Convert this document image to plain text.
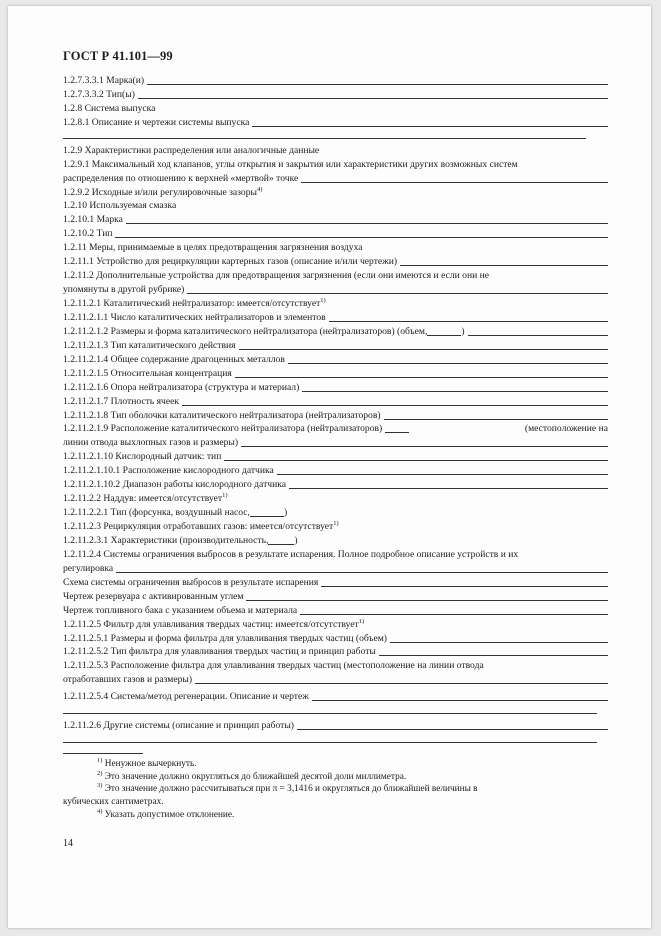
ГОСТ Р 41.101—99
1.2.7.3.3.1 Марка(и)
1.2.7.3.3.2 Тип(ы)
1.2.8 Система выпуска
1.2.8.1 Описание и чертежи системы выпуска
1.2.9 Характеристики распределения или аналогичные данные
1.2.9.1 Максимальный ход клапанов, углы открытия и закрытия или характеристики других возможных систем
распределения по отношению к верхней «мертвой» точке
1.2.9.2 Исходные и/или регулировочные зазоры$^{4)}$
1.2.10 Используемая смазка
1.2.10.1 Марка
1.2.10.2 Тип
1.2.11 Меры, принимаемые в целях предотвращения загрязнения воздуха
1.2.11.1 Устройство для рециркуляции картерных газов (описание и/или чертежи)
1.2.11.2 Дополнительные устройства для предотвращения загрязнения (если они имеются и если они не
упомянуты в другой рубрике)
1.2.11.2.1 Каталитический нейтрализатор: имеется/отсутствует$^{1)}$
1.2.11.2.1.1 Число каталитических нейтрализаторов и элементов
1.2.11.2.1.2 Размеры и форма каталитического нейтрализатора (нейтрализаторов) (объем,	)
1.2.11.2.1.3 Тип каталитического действия
1.2.11.2.1.4 Общее содержание драгоценных металлов
1.2.11.2.1.5 Относительная концентрация
1.2.11.2.1.6 Опора нейтрализатора (структура и материал)
1.2.11.2.1.7 Плотность ячеек
1.2.11.2.1.8 Тип оболочки каталитического нейтрализатора (нейтрализаторов)
1.2.11.2.1.9 Расположение каталитического нейтрализатора (нейтрализаторов)	(местоположение на
линии отвода выхлопных газов и размеры)
1.2.11.2.1.10 Кислородный датчик: тип
1.2.11.2.1.10.1 Расположение кислородного датчика
1.2.11.2.1.10.2 Диапазон работы кислородного датчика
1.2.11.2.2 Наддув: имеется/отсутствует$^{1)}$
1.2.11.2.2.1 Тип (форсунка, воздушный насос,	)
1.2.11.2.3 Рециркуляция отработавших газов: имеется/отсутствует$^{1)}$
1.2.11.2.3.1 Характеристики (производительность,	)
1.2.11.2.4 Системы ограничения выбросов в результате испарения. Полное подробное описание устройств и их
регулировка
Схема системы ограничения выбросов в результате испарения
Чертеж резервуара с активированным углем
Чертеж топливного бака с указанием объема и материала
1.2.11.2.5 Фильтр для улавливания твердых частиц: имеется/отсутствует$^{1)}$
1.2.11.2.5.1 Размеры и форма фильтра для улавливания твердых частиц (объем)
1.2.11.2.5.2 Тип фильтра для улавливания твердых частиц и принцип работы
1.2.11.2.5.3 Расположение фильтра для улавливания твердых частиц (местоположение на линии отвода
отработавших газов и размеры)
1.2.11.2.5.4 Система/метод регенерации. Описание и чертеж
1.2.11.2.6 Другие системы (описание и принцип работы)
$^{1)}$ Ненужное вычеркнуть.
$^{2)}$ Это значение должно округляться до ближайшей десятой доли миллиметра.
$^{3)}$ Это значение должно рассчитываться при π = 3,1416 и округляться до ближайшей величины в
кубических сантиметрах.
$^{4)}$ Указать допустимое отклонение.
14
